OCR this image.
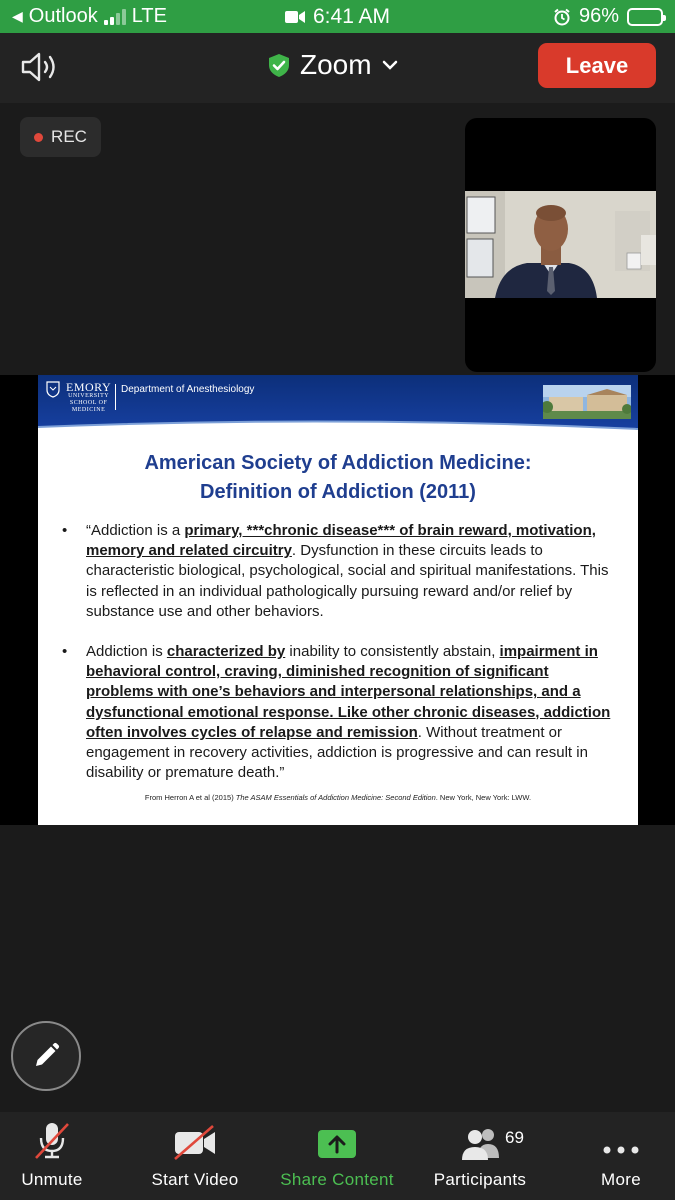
◀ Outlook LTE	6:41 AM	96%
Zoom	Leave
REC
EMORY
UNIVERSITY
SCHOOL OF
MEDICINE
Department of Anesthesiology
American Society of Addiction Medicine:
Definition of Addiction (2011)
• “Addiction is a primary, ***chronic disease*** of brain reward, motivation, memory and related circuitry. Dysfunction in these circuits leads to characteristic biological, psychological, social and spiritual manifestations. This is reflected in an individual pathologically pursuing reward and/or relief by substance use and other behaviors.
• Addiction is characterized by inability to consistently abstain, impairment in behavioral control, craving, diminished recognition of significant problems with one’s behaviors and interpersonal relationships, and a dysfunctional emotional response. Like other chronic diseases, addiction often involves cycles of relapse and remission. Without treatment or engagement in recovery activities, addiction is progressive and can result in disability or premature death.”
From Herron A et al (2015) The ASAM Essentials of Addiction Medicine: Second Edition. New York, New York: LWW.
Unmute	Start Video Share Content Participants
69
More
